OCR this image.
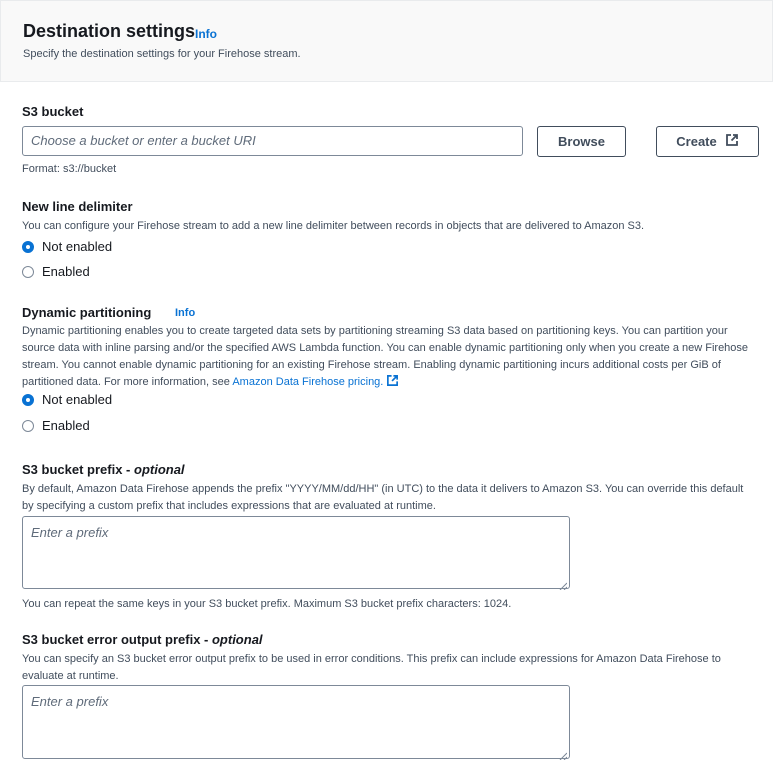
Destination settings Info
Specify the destination settings for your Firehose stream.
S3 bucket
Choose a bucket or enter a bucket URI	Browse	Create
Format: s3://bucket
New line delimiter
You can configure your Firehose stream to add a new line delimiter between records in objects that are delivered to Amazon S3.
Not enabled
Enabled
Dynamic partitioning Info
Dynamic partitioning enables you to create targeted data sets by partitioning streaming S3 data based on partitioning keys. You can partition your source data with inline parsing and/or the specified AWS Lambda function. You can enable dynamic partitioning only when you create a new Firehose stream. You cannot enable dynamic partitioning for an existing Firehose stream. Enabling dynamic partitioning incurs additional costs per GiB of partitioned data. For more information, see Amazon Data Firehose pricing.
Not enabled
Enabled
S3 bucket prefix - optional
By default, Amazon Data Firehose appends the prefix "YYYY/MM/dd/HH" (in UTC) to the data it delivers to Amazon S3. You can override this default by specifying a custom prefix that includes expressions that are evaluated at runtime.
Enter a prefix
You can repeat the same keys in your S3 bucket prefix. Maximum S3 bucket prefix characters: 1024.
S3 bucket error output prefix - optional
You can specify an S3 bucket error output prefix to be used in error conditions. This prefix can include expressions for Amazon Data Firehose to evaluate at runtime.
Enter a prefix
